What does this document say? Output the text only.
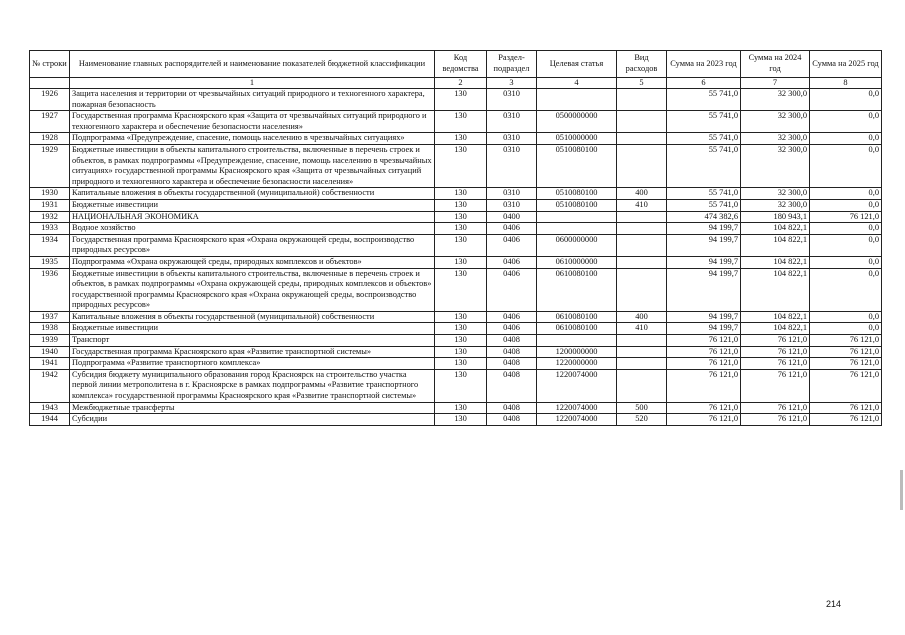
№ строки	Наименование главных распорядителей и наименование показателей бюджетной классификации	Код ведомства	Раздел-подраздел	Целевая статья	Вид расходов	Сумма на 2023 год	Сумма на 2024 год	Сумма на 2025 год
	1	2	3	4	5	6	7	8
1926	Защита населения и территории от чрезвычайных ситуаций природного и техногенного характера, пожарная безопасность	130	0310			55 741,0	32 300,0	0,0
1927	Государственная программа Красноярского края «Защита от чрезвычайных ситуаций природного и техногенного характера и обеспечение безопасности населения»	130	0310	0500000000		55 741,0	32 300,0	0,0
1928	Подпрограмма «Предупреждение, спасение, помощь населению в чрезвычайных ситуациях»	130	0310	0510000000		55 741,0	32 300,0	0,0
1929	Бюджетные инвестиции в объекты капитального строительства, включенные в перечень строек и объектов, в рамках подпрограммы «Предупреждение, спасение, помощь населению в чрезвычайных ситуациях» государственной программы Красноярского края «Защита от чрезвычайных ситуаций природного и техногенного характера и обеспечение безопасности населения»	130	0310	0510080100		55 741,0	32 300,0	0,0
1930	Капитальные вложения в объекты государственной (муниципальной) собственности	130	0310	0510080100	400	55 741,0	32 300,0	0,0
1931	Бюджетные инвестиции	130	0310	0510080100	410	55 741,0	32 300,0	0,0
1932	НАЦИОНАЛЬНАЯ ЭКОНОМИКА	130	0400			474 382,6	180 943,1	76 121,0
1933	Водное хозяйство	130	0406			94 199,7	104 822,1	0,0
1934	Государственная программа Красноярского края «Охрана окружающей среды, воспроизводство природных ресурсов»	130	0406	0600000000		94 199,7	104 822,1	0,0
1935	Подпрограмма «Охрана окружающей среды, природных комплексов и объектов»	130	0406	0610000000		94 199,7	104 822,1	0,0
1936	Бюджетные инвестиции в объекты капитального строительства, включенные в перечень строек и объектов, в рамках подпрограммы «Охрана окружающей среды, природных комплексов и объектов» государственной программы Красноярского края «Охрана окружающей среды, воспроизводство природных ресурсов»	130	0406	0610080100		94 199,7	104 822,1	0,0
1937	Капитальные вложения в объекты государственной (муниципальной) собственности	130	0406	0610080100	400	94 199,7	104 822,1	0,0
1938	Бюджетные инвестиции	130	0406	0610080100	410	94 199,7	104 822,1	0,0
1939	Транспорт	130	0408			76 121,0	76 121,0	76 121,0
1940	Государственная программа Красноярского края «Развитие транспортной системы»	130	0408	1200000000		76 121,0	76 121,0	76 121,0
1941	Подпрограмма «Развитие транспортного комплекса»	130	0408	1220000000		76 121,0	76 121,0	76 121,0
1942	Субсидия бюджету муниципального образования город Красноярск на строительство участка первой линии метрополитена в г. Красноярске в рамках подпрограммы «Развитие транспортного комплекса» государственной программы Красноярского края «Развитие транспортной системы»	130	0408	1220074000		76 121,0	76 121,0	76 121,0
1943	Межбюджетные трансферты	130	0408	1220074000	500	76 121,0	76 121,0	76 121,0
1944	Субсидии	130	0408	1220074000	520	76 121,0	76 121,0	76 121,0
214
